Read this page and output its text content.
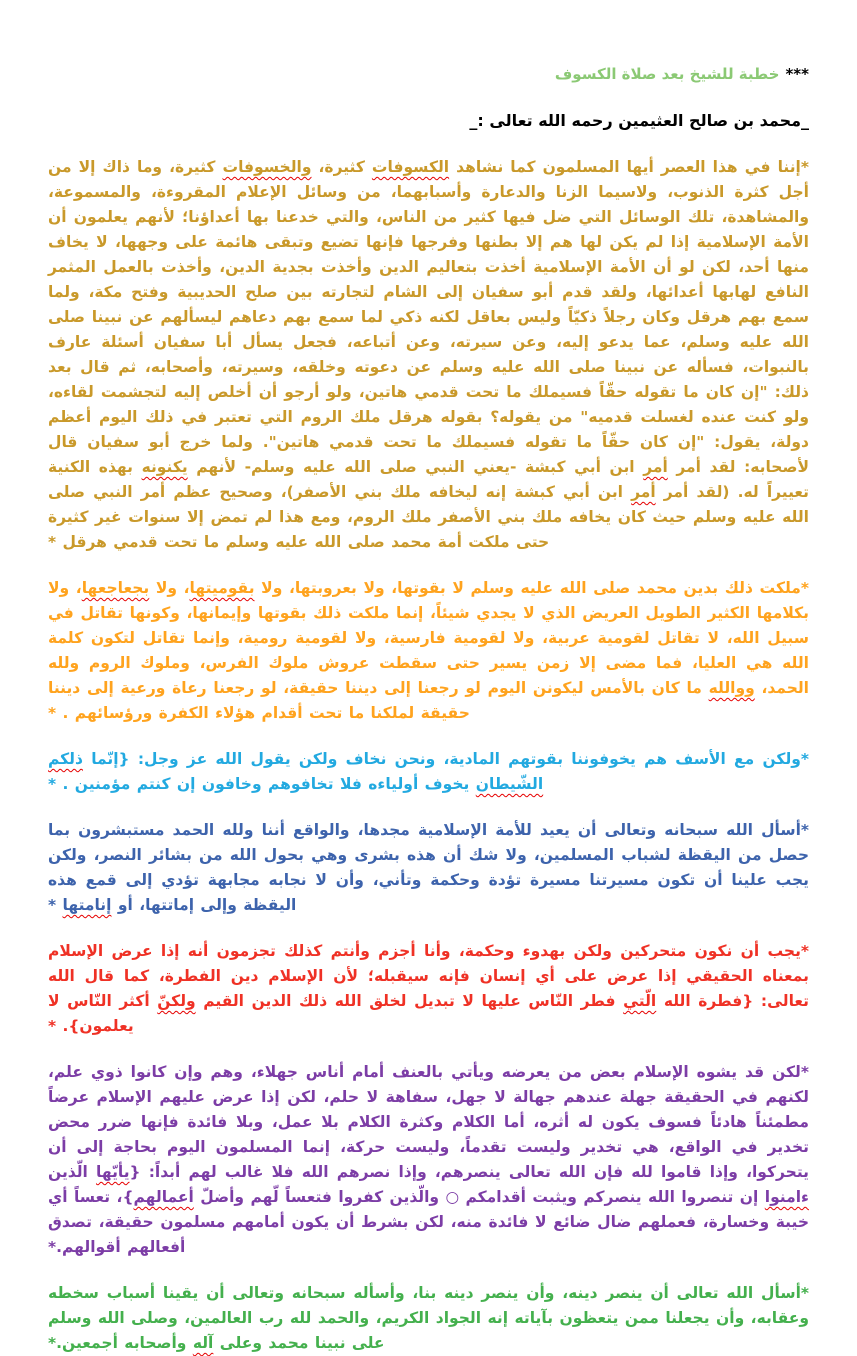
***خطبة للشيخ بعد صلاة الكسوف
_محمد بن صالح العثيمين رحمه الله تعالى :_

*إننا في هذا العصر أيها المسلمون كما نشاهد الكسوفات كثيرة، والخسوفات كثيرة، وما ذاك إلا من أجل كثرة الذنوب، ولاسيما الزنا والدعارة وأسبابهما، من وسائل الإعلام المقروءة، والمسموعة، والمشاهدة، تلك الوسائل التي ضل فيها كثير من الناس، والتي خدعنا بها أعداؤنا؛ لأنهم يعلمون أن الأمة الإسلامية إذا لم يكن لها هم إلا بطنها وفرجها فإنها تضيع وتبقى هائمة على وجهها، لا يخاف منها أحد، لكن لو أن الأمة الإسلامية أخذت بتعاليم الدين وأخذت بجدية الدين، وأخذت بالعمل المثمر النافع لهابها أعدائها، ولقد قدم أبو سفيان إلى الشام لتجارته بين صلح الحديبية وفتح مكة، ولما سمع بهم هرقل وكان رجلاً ذكيّاً وليس بعاقل لكنه ذكي لما سمع بهم دعاهم ليسألهم عن نبينا صلى الله عليه وسلم، عما يدعو إليه، وعن سيرته، وعن أتباعه، فجعل يسأل أبا سفيان أسئلة عارف بالنبوات، فسأله عن نبينا صلى الله عليه وسلم عن دعوته وخلقه، وسيرته، وأصحابه، ثم قال بعد ذلك: "إن كان ما تقوله حقّاً فسيملك ما تحت قدمي هاتين، ولو أرجو أن أخلص إليه لتجشمت لقاءه، ولو كنت عنده لغسلت قدميه" من يقوله؟ بقوله هرقل ملك الروم التي تعتبر في ذلك اليوم أعظم دولة، يقول: "إن كان حقّاً ما تقوله فسيملك ما تحت قدمي هاتين". ولما خرج أبو سفيان قال لأصحابه: لقد أمر أمر ابن أبي كبشة -يعني النبي صلى الله عليه وسلم- لأنهم يكنونه بهذه الكنية تعييراً له. (لقد أمر أمر ابن أبي كبشة إنه ليخافه ملك بني الأصفر)، وصحيح عظم أمر النبي صلى الله عليه وسلم حيث كان يخافه ملك بني الأصفر ملك الروم، ومع هذا لم تمض إلا سنوات غير كثيرة حتى ملكت أمة محمد صلى الله عليه وسلم ما تحت قدمي هرقل *

*ملكت ذلك بدين محمد صلى الله عليه وسلم لا بقوتها، ولا بعروبتها، ولا بقوميتها، ولا بجعاجعها، ولا بكلامها الكثير الطويل العريض الذي لا يجدي شيئاً، إنما ملكت ذلك بقوتها وإيمانها، وكونها تقاتل في سبيل الله، لا تقاتل لقومية عربية، ولا لقومية فارسية، ولا لقومية رومية، وإنما تقاتل لتكون كلمة الله هي العليا، فما مضى إلا زمن يسير حتى سقطت عروش ملوك الفرس، وملوك الروم ولله الحمد، ووالله ما كان بالأمس ليكونن اليوم لو رجعنا إلى ديننا حقيقة، لو رجعنا رعاة ورعية إلى ديننا حقيقة لملكنا ما تحت أقدام هؤلاء الكفرة ورؤسائهم . *

*ولكن مع الأسف هم يخوفوننا بقوتهم المادية، ونحن نخاف ولكن يقول الله عز وجل: {إنّما ذلكم الشّيطان يخوف أولياءه فلا تخافوهم وخافون إن كنتم مؤمنين . *

*أسأل الله سبحانه وتعالى أن يعيد للأمة الإسلامية مجدها، والواقع أننا ولله الحمد مستبشرون بما حصل من اليقظة لشباب المسلمين، ولا شك أن هذه بشرى وهي بحول الله من بشائر النصر، ولكن يجب علينا أن تكون مسيرتنا مسيرة تؤدة وحكمة وتأني، وأن لا نجابه مجابهة تؤدي إلى قمع هذه اليقظة وإلى إماتتها، أو إنامتها *

*يجب أن نكون متحركين ولكن بهدوء وحكمة، وأنا أجزم وأنتم كذلك تجزمون أنه إذا عرض الإسلام بمعناه الحقيقي إذا عرض على أي إنسان فإنه سيقبله؛ لأن الإسلام دين الفطرة، كما قال الله تعالى: {فطرة الله الّتي فطر النّاس عليها لا تبديل لخلق الله ذلك الدين القيم ولكنّ أكثر النّاس لا يعلمون}. *

*لكن قد يشوه الإسلام بعض من يعرضه ويأتي بالعنف أمام أناس جهلاء، وهم وإن كانوا ذوي علم، لكنهم في الحقيقة جهلة عندهم جهالة لا جهل، سفاهة لا حلم، لكن إذا عرض عليهم الإسلام عرضاً مطمئناً هادئاً فسوف يكون له أثره، أما الكلام وكثرة الكلام بلا عمل، وبلا فائدة فإنها ضرر محض تخدير في الواقع، هي تخدير وليست تقدماً، وليست حركة، إنما المسلمون اليوم بحاجة إلى أن يتحركوا، وإذا قاموا لله فإن الله تعالى ينصرهم، وإذا نصرهم الله فلا غالب لهم أبداً: {يأيّها الّذين ءامنوا إن تنصروا الله ينصركم ويثبت أقدامكم ○ والّذين كفروا فتعساً لّهم وأضلّ أعمالهم}، تعساً أي خيبة وخسارة، فعملهم ضال ضائع لا فائدة منه، لكن بشرط أن يكون أمامهم مسلمون حقيقة، تصدق أفعالهم أقوالهم.*

*أسأل الله تعالى أن ينصر دينه، وأن ينصر دينه بنا، وأسأله سبحانه وتعالى أن يقينا أسباب سخطه وعقابه، وأن يجعلنا ممن يتعظون بآياته إنه الجواد الكريم، والحمد لله رب العالمين، وصلى الله وسلم على نبينا محمد وعلى آله وأصحابه أجمعين.*
